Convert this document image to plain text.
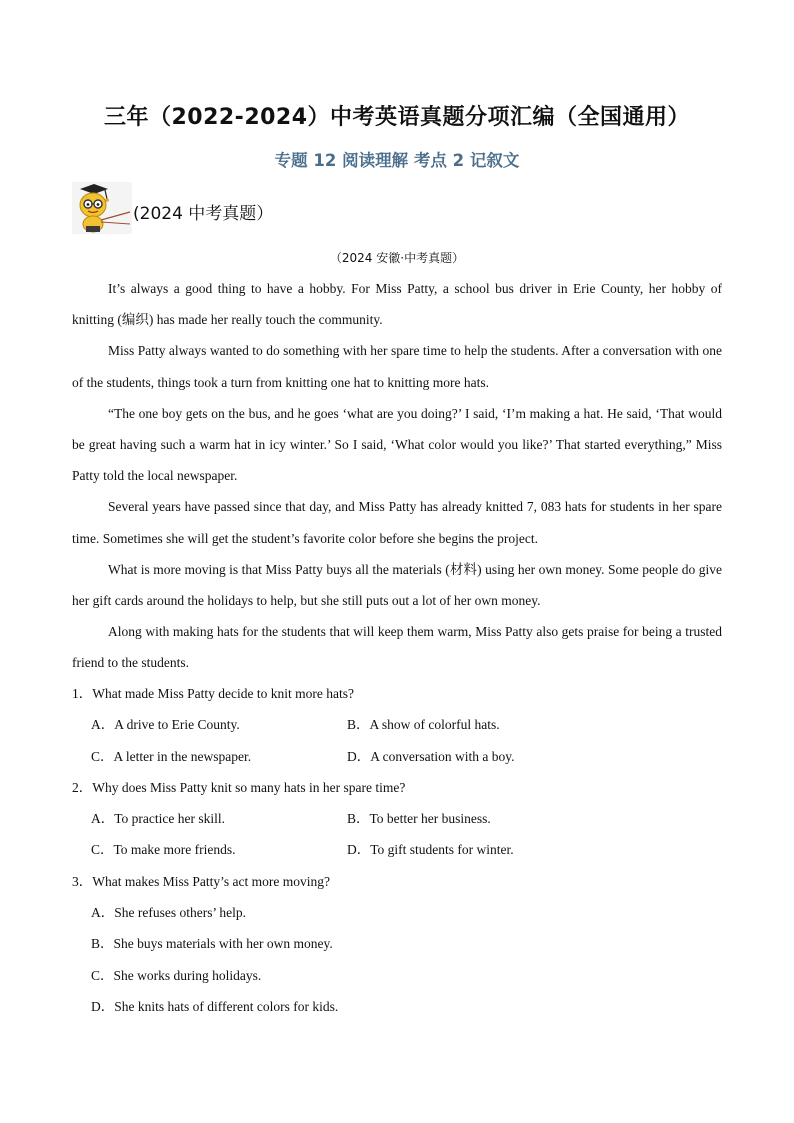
三年（2022-2024）中考英语真题分项汇编（全国通用）
专题 12 阅读理解 考点 2 记叙文
(2024 中考真题）
（2024 安徽·中考真题）

It’s always a good thing to have a hobby. For Miss Patty, a school bus driver in Erie County, her hobby of knitting (编织) has made her really touch the community.

Miss Patty always wanted to do something with her spare time to help the students. After a conversation with one of the students, things took a turn from knitting one hat to knitting more hats.

“The one boy gets on the bus, and he goes ‘what are you doing?’ I said, ‘I’m making a hat. He said, ‘That would be great having such a warm hat in icy winter.’ So I said, ‘What color would you like?’ That started everything,” Miss Patty told the local newspaper.

Several years have passed since that day, and Miss Patty has already knitted 7, 083 hats for students in her spare time. Sometimes she will get the student’s favorite color before she begins the project.

What is more moving is that Miss Patty buys all the materials (材料) using her own money. Some people do give her gift cards around the holidays to help, but she still puts out a lot of her own money.

Along with making hats for the students that will keep them warm, Miss Patty also gets praise for being a trusted friend to the students.

1．What made Miss Patty decide to knit more hats?

A．A drive to Erie County.	B．A show of colorful hats.
C．A letter in the newspaper.	D．A conversation with a boy.

2．Why does Miss Patty knit so many hats in her spare time?

A．To practice her skill.	B．To better her business.
C．To make more friends.	D．To gift students for winter.

3．What makes Miss Patty’s act more moving?

A．She refuses others’ help.

B．She buys materials with her own money.

C．She works during holidays.

D．She knits hats of different colors for kids.
